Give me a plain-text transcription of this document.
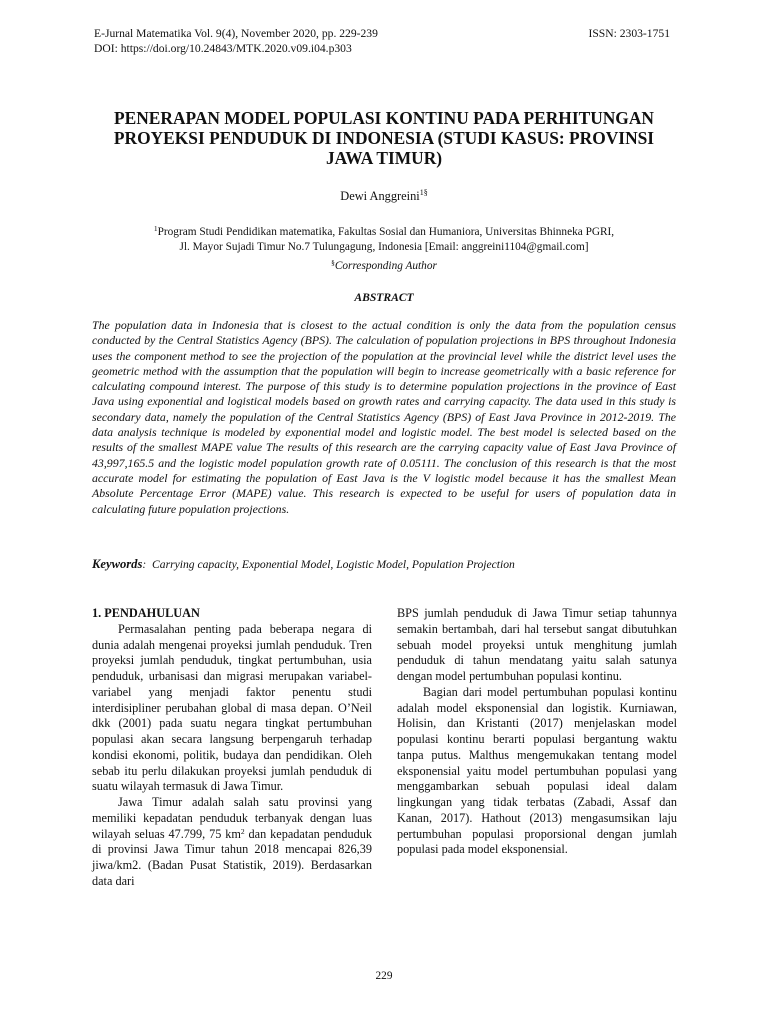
E-Jurnal Matematika Vol. 9(4), November 2020, pp. 229-239
DOI: https://doi.org/10.24843/MTK.2020.v09.i04.p303
ISSN: 2303-1751
PENERAPAN MODEL POPULASI KONTINU PADA PERHITUNGAN
PROYEKSI PENDUDUK DI INDONESIA (STUDI KASUS: PROVINSI
JAWA TIMUR)
Dewi Anggreini$^{1\S}$
$^1$Program Studi Pendidikan matematika, Fakultas Sosial dan Humaniora, Universitas Bhinneka PGRI,
Jl. Mayor Sujadi Timur No.7 Tulungagung, Indonesia [Email: anggreini1104@gmail.com]
§Corresponding Author
ABSTRACT

The population data in Indonesia that is closest to the actual condition is only the data from the population census conducted by the Central Statistics Agency (BPS). The calculation of population projections in BPS throughout Indonesia uses the component method to see the projection of the population at the provincial level while the district level uses the geometric method with the assumption that the population will begin to increase geometrically with a basic reference for calculating compound interest. The purpose of this study is to determine population projections in the province of East Java using exponential and logistical models based on growth rates and carrying capacity. The data used in this study is secondary data, namely the population of the Central Statistics Agency (BPS) of East Java Province in 2012-2019. The data analysis technique is modeled by exponential model and logistic model. The best model is selected based on the results of the smallest MAPE value The results of this research are the carrying capacity value of East Java Province of 43,997,165.5 and the logistic model population growth rate of 0.05111. The conclusion of this research is that the most accurate model for estimating the population of East Java is the V logistic model because it has the smallest Mean Absolute Percentage Error (MAPE) value. This research is expected to be useful for users of population data in calculating future population projections.

Keywords: Carrying capacity, Exponential Model, Logistic Model, Population Projection

1. PENDAHULUAN

Permasalahan penting pada beberapa negara di dunia adalah mengenai proyeksi jumlah penduduk. Tren proyeksi jumlah penduduk, tingkat pertumbuhan, usia penduduk, urbanisasi dan migrasi merupakan variabel-variabel yang menjadi faktor penentu studi interdisipliner perubahan global di masa depan. O’Neil dkk (2001) pada suatu negara tingkat pertumbuhan populasi akan secara langsung berpengaruh terhadap kondisi ekonomi, politik, budaya dan pendidikan. Oleh sebab itu perlu dilakukan proyeksi jumlah penduduk di suatu wilayah termasuk di Jawa Timur.

Jawa Timur adalah salah satu provinsi yang memiliki kepadatan penduduk terbanyak dengan luas wilayah seluas 47.799, 75 $km^2$ dan kepadatan penduduk di provinsi Jawa Timur tahun 2018 mencapai 826,39 jiwa/km2. (Badan Pusat Statistik, 2019). Berdasarkan data dari

BPS jumlah penduduk di Jawa Timur setiap tahunnya semakin bertambah, dari hal tersebut sangat dibutuhkan sebuah model proyeksi untuk menghitung jumlah penduduk di tahun mendatang yaitu salah satunya dengan model pertumbuhan populasi kontinu.

Bagian dari model pertumbuhan populasi kontinu adalah model eksponensial dan logistik. Kurniawan, Holisin, dan Kristanti (2017) menjelaskan model populasi kontinu berarti populasi bergantung waktu tanpa putus. Malthus mengemukakan tentang model eksponensial yaitu model pertumbuhan populasi yang menggambarkan sebuah populasi ideal dalam lingkungan yang tidak terbatas (Zabadi, Assaf dan Kanan, 2017). Hathout (2013) mengasumsikan laju pertumbuhan populasi proporsional dengan jumlah populasi pada model eksponensial.

229
